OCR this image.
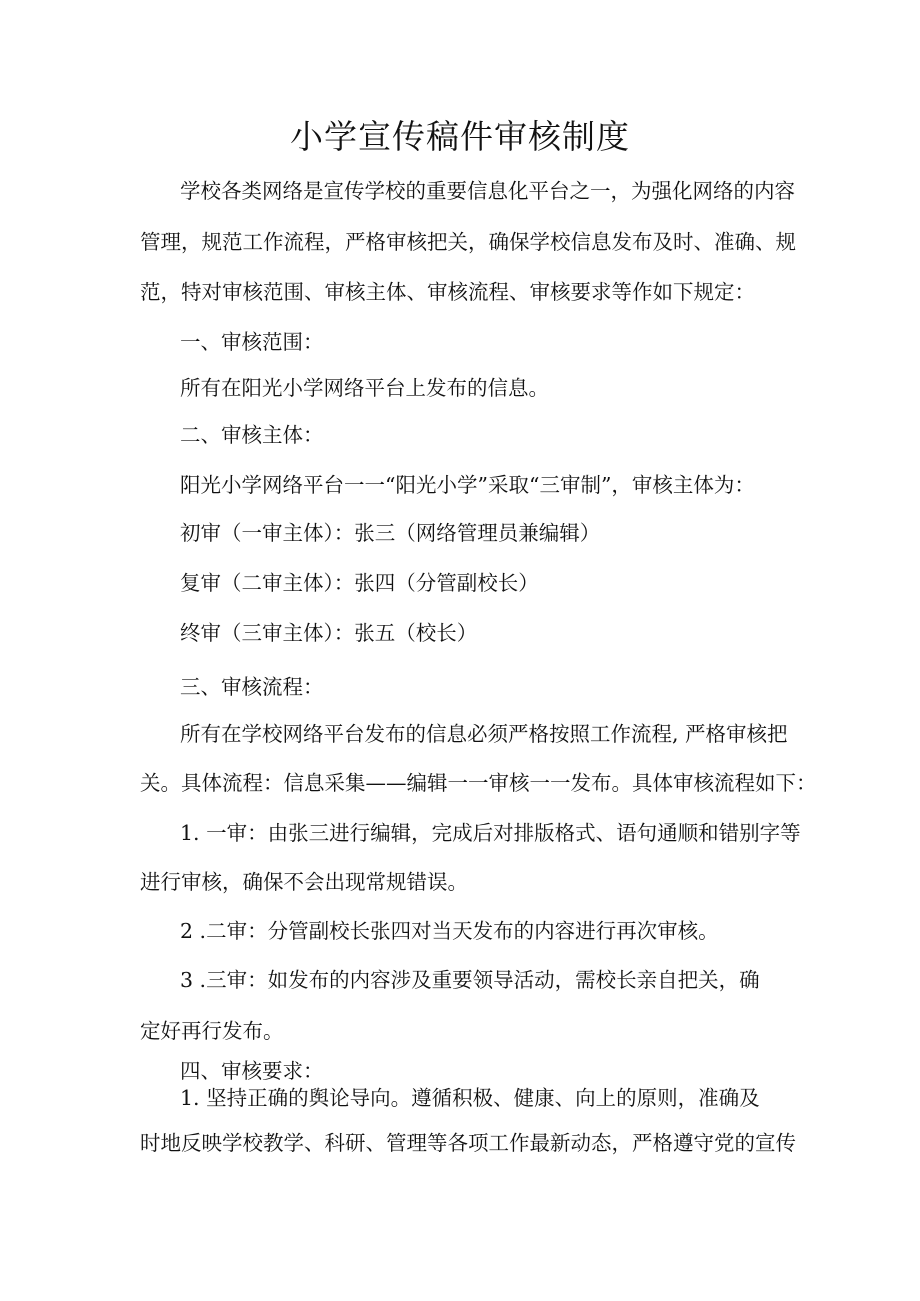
小学宣传稿件审核制度
学校各类网络是宣传学校的重要信息化平台之一，为强化网络的内容
管理，规范工作流程，严格审核把关，确保学校信息发布及时、准确、规
范，特对审核范围、审核主体、审核流程、审核要求等作如下规定：
一、审核范围：
所有在阳光小学网络平台上发布的信息。
二、审核主体：
阳光小学网络平台一一“阳光小学”采取“三审制”，审核主体为：
初审（一审主体）：张三（网络管理员兼编辑）
复审（二审主体）：张四（分管副校长）
终审（三审主体）：张五（校长）
三、审核流程：
所有在学校网络平台发布的信息必须严格按照工作流程, 严格审核把
关。具体流程：信息采集——编辑一一审核一一发布。具体审核流程如下：
1. 一审：由张三进行编辑，完成后对排版格式、语句通顺和错别字等
进行审核，确保不会出现常规错误。
2 .二审：分管副校长张四对当天发布的内容进行再次审核。
3 .三审：如发布的内容涉及重要领导活动，需校长亲自把关，确
定好再行发布。
四、审核要求：
1. 坚持正确的舆论导向。遵循积极、健康、向上的原则，准确及
时地反映学校教学、科研、管理等各项工作最新动态，严格遵守党的宣传
